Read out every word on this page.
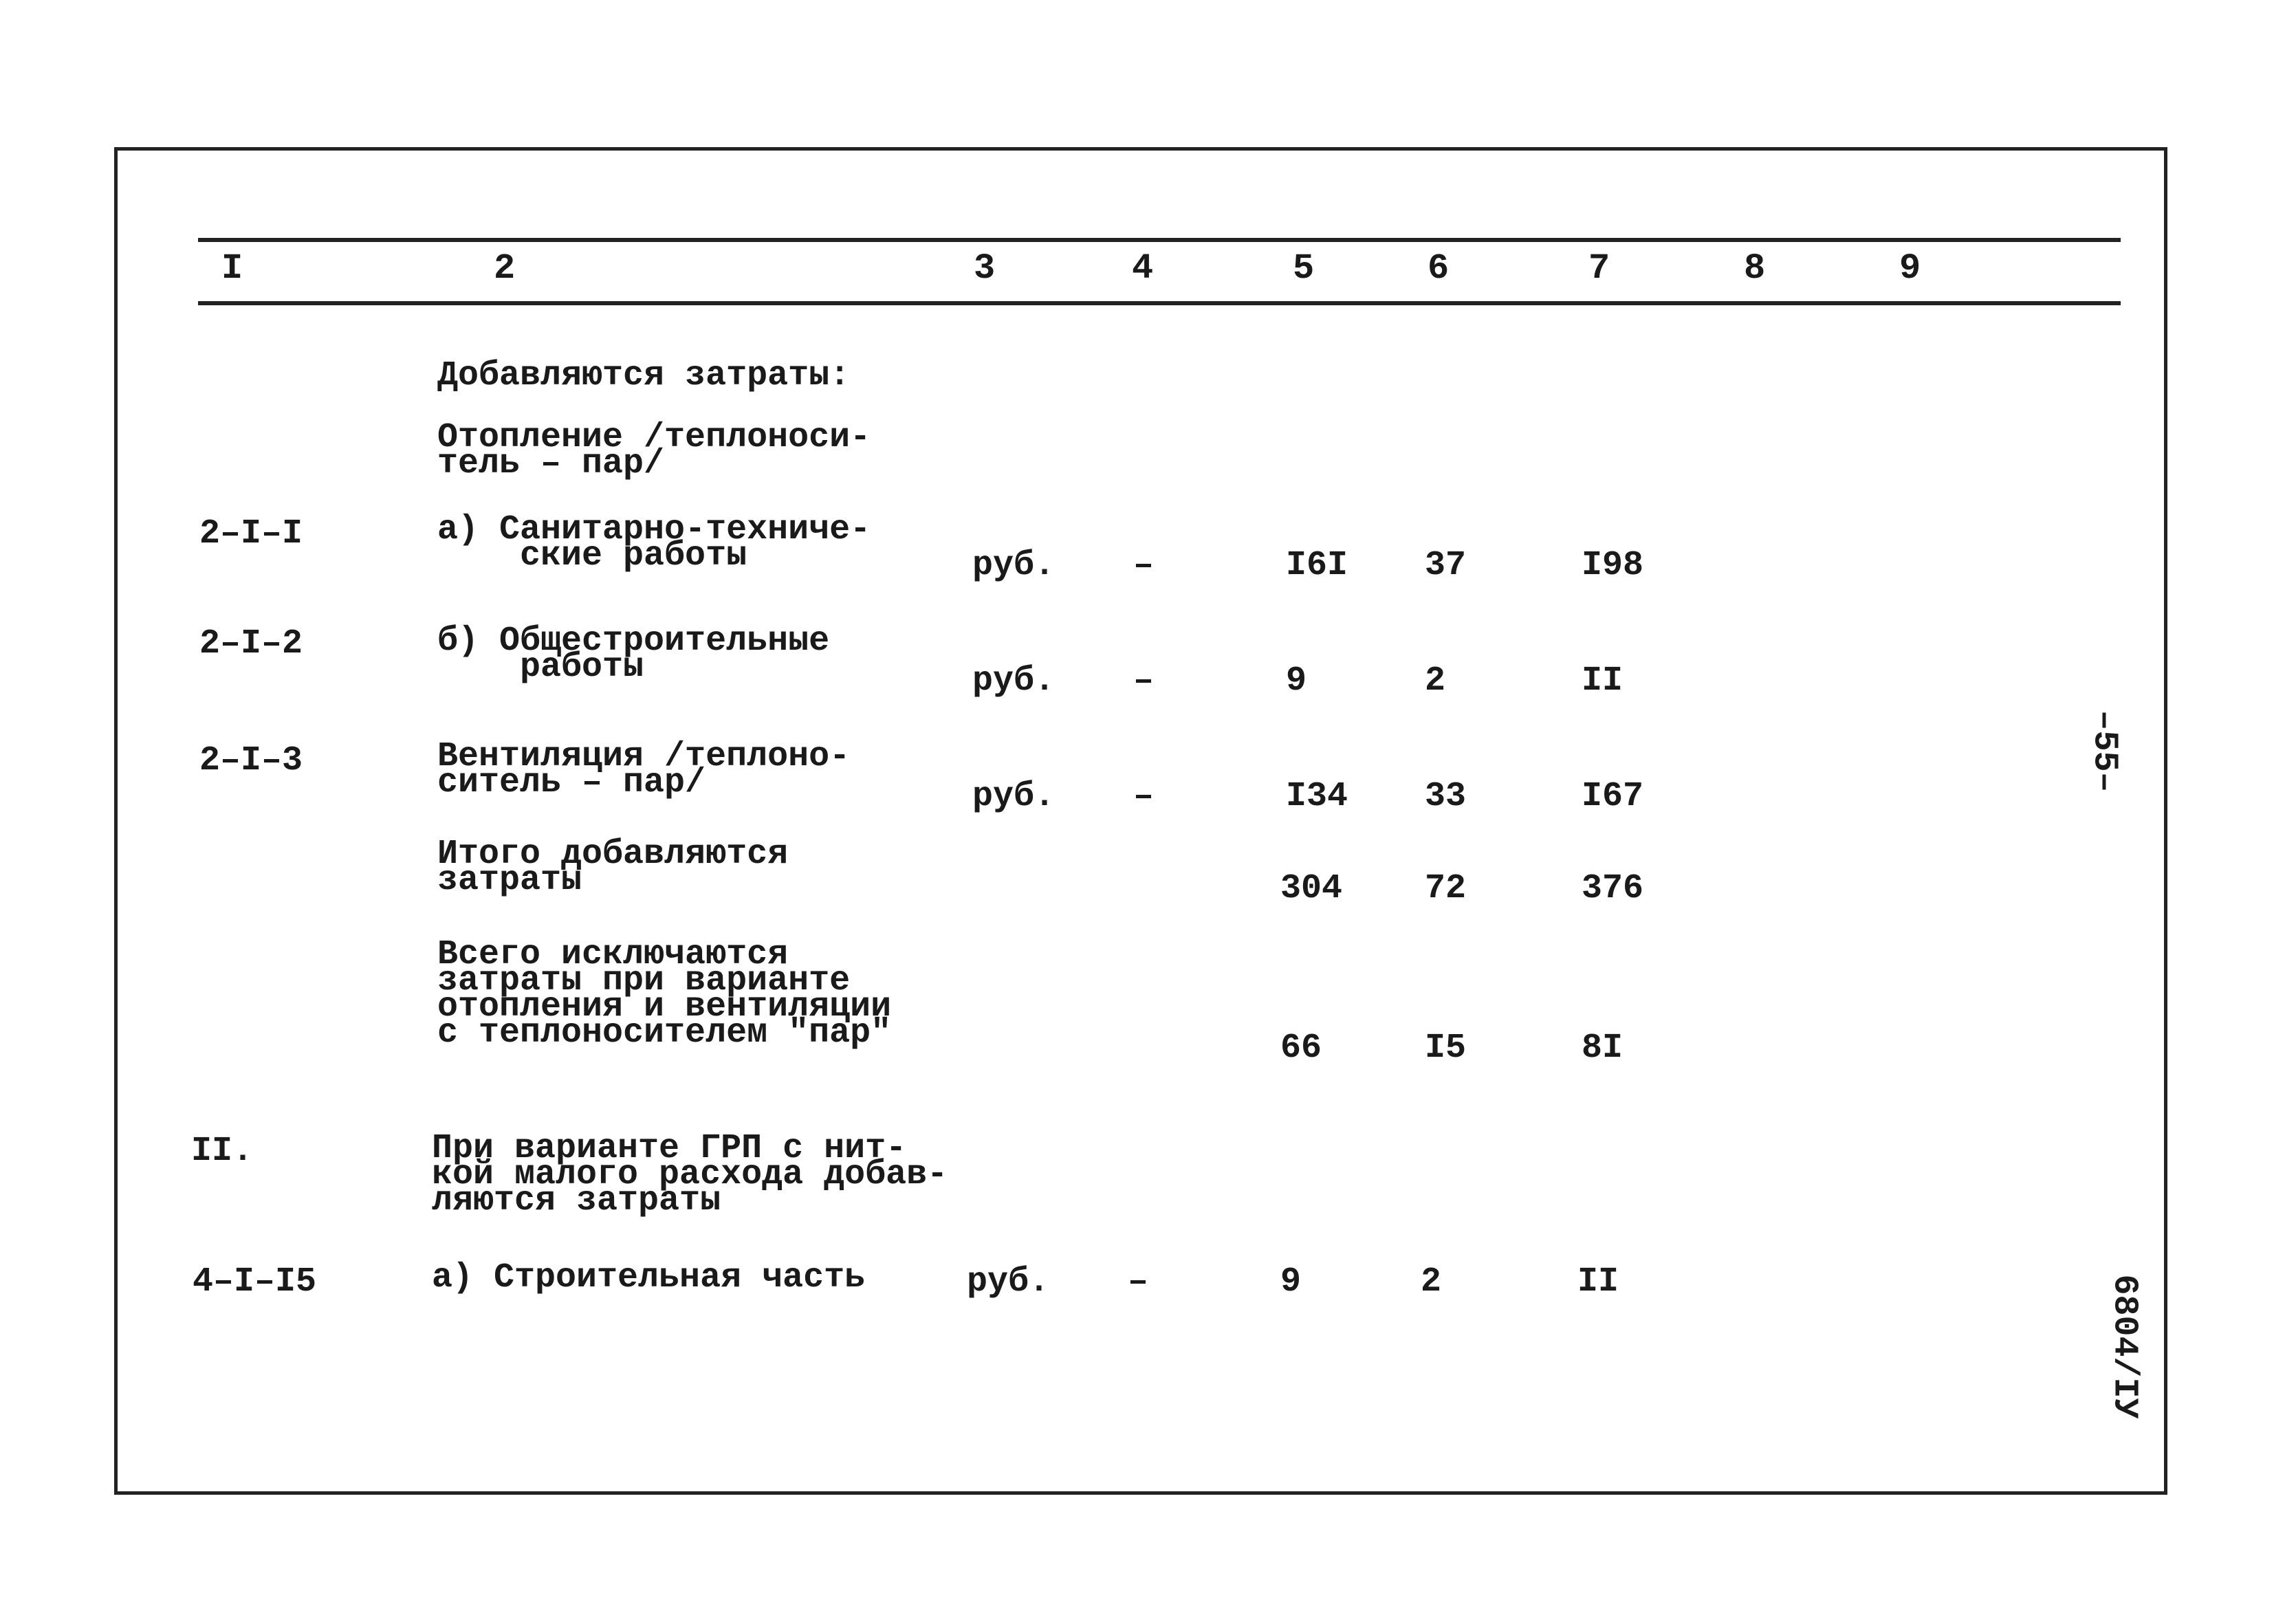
I	2	3	4	5	6	7	8	9
Добавляются затраты:
Отопление /теплоноси-
тель – пар/
2–I–I	а) Санитарно-техниче-
ские работы	руб. –	I6I 37	I98
2–I–2	б) Общестроительные
работы	руб. –	9	2	II
2–I–3	Вентиляция /теплоно-
ситель – пар/	руб. –	I34 33	I67
Итого добавляются
затраты	304 72	376
Всего исключаются
затраты при варианте
отопления и вентиляции
с теплоносителем "пар"	66	I5	8I
II.	При варианте ГРП с нит-
кой малого расхода добав-
ляются затраты
4–I–I5	а) Строительная часть	руб. –	9	2	II
–55–
6804/IУ
